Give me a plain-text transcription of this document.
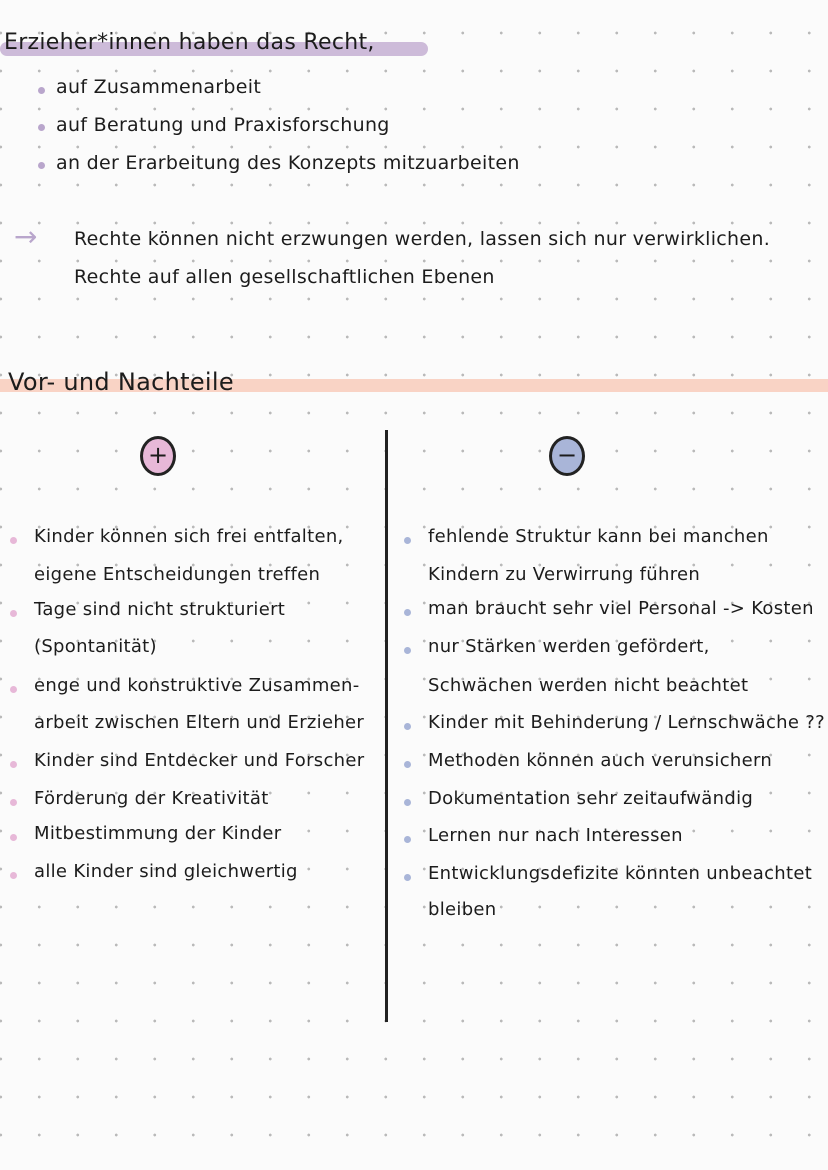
Erzieher*innen haben das Recht,
auf Zusammenarbeit
auf Beratung und Praxisforschung
an der Erarbeitung des Konzepts mitzuarbeiten
→ Rechte können nicht erzwungen werden, lassen sich nur verwirklichen.
Rechte auf allen gesellschaftlichen Ebenen
Vor- und Nachteile
+	−
Kinder können sich frei entfalten,
eigene Entscheidungen treffen
Tage sind nicht strukturiert
(Spontanität)
enge und konstruktive Zusammen-
arbeit zwischen Eltern und Erzieher
Kinder sind Entdecker und Forscher
Förderung der Kreativität
Mitbestimmung der Kinder
alle Kinder sind gleichwertig
fehlende Struktur kann bei manchen
Kindern zu Verwirrung führen
man braucht sehr viel Personal -> Kosten
nur Stärken werden gefördert,
Schwächen werden nicht beachtet
Kinder mit Behinderung / Lernschwäche ??
Methoden können auch verunsichern
Dokumentation sehr zeitaufwändig
Lernen nur nach Interessen
Entwicklungsdefizite könnten unbeachtet
bleiben
